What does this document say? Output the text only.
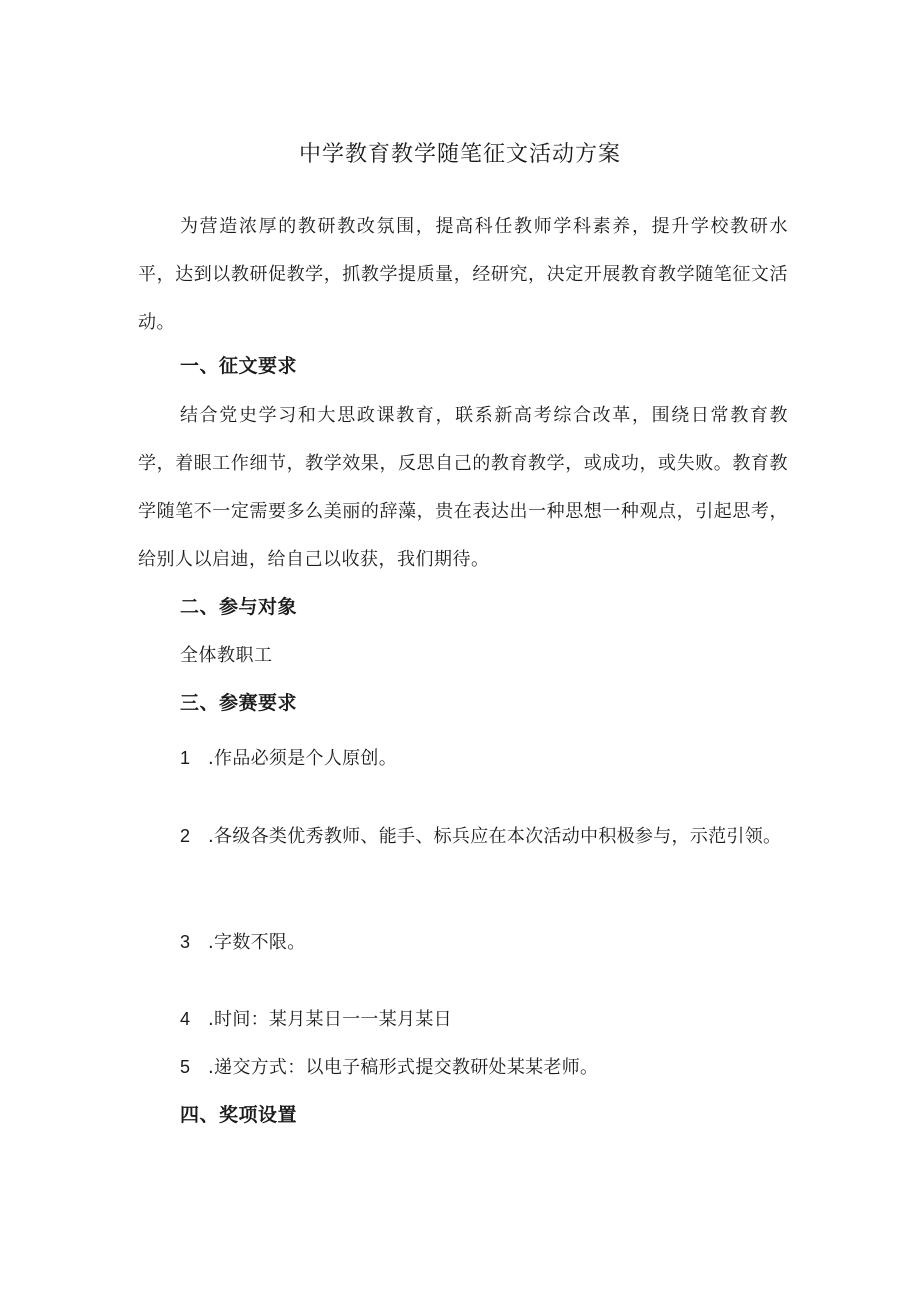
中学教育教学随笔征文活动方案

为营造浓厚的教研教改氛围，提高科任教师学科素养，提升学校教研水平，达到以教研促教学，抓教学提质量，经研究，决定开展教育教学随笔征文活动。

一、征文要求

结合党史学习和大思政课教育，联系新高考综合改革，围绕日常教育教学，着眼工作细节，教学效果，反思自己的教育教学，或成功，或失败。教育教学随笔不一定需要多么美丽的辞藻，贵在表达出一种思想一种观点，引起思考，给别人以启迪，给自己以收获，我们期待。

二、参与对象
全体教职工
三、参赛要求
1 .作品必须是个人原创。

2 .各级各类优秀教师、能手、标兵应在本次活动中积极参与，示范引领。

3 .字数不限。
4 .时间：某月某日一一某月某日
5 .递交方式：以电子稿形式提交教研处某某老师。
四、奖项设置
